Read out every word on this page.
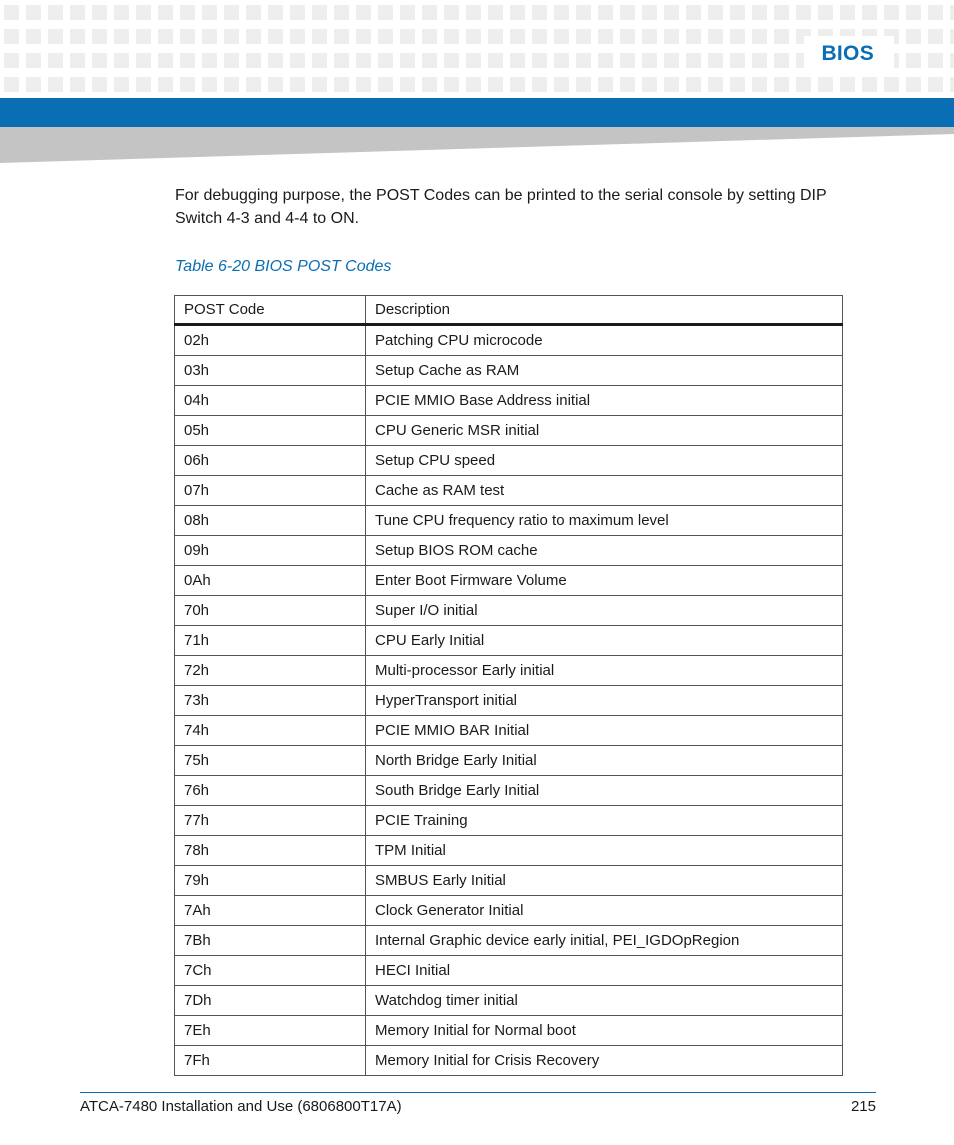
BIOS
For debugging purpose, the POST Codes can be printed to the serial console by setting DIP Switch 4-3 and 4-4 to ON.
Table 6-20 BIOS POST Codes
POST Code	Description
02h	Patching CPU microcode
03h	Setup Cache as RAM
04h	PCIE MMIO Base Address initial
05h	CPU Generic MSR initial
06h	Setup CPU speed
07h	Cache as RAM test
08h	Tune CPU frequency ratio to maximum level
09h	Setup BIOS ROM cache
0Ah	Enter Boot Firmware Volume
70h	Super I/O initial
71h	CPU Early Initial
72h	Multi-processor Early initial
73h	HyperTransport initial
74h	PCIE MMIO BAR Initial
75h	North Bridge Early Initial
76h	South Bridge Early Initial
77h	PCIE Training
78h	TPM Initial
79h	SMBUS Early Initial
7Ah	Clock Generator Initial
7Bh	Internal Graphic device early initial, PEI_IGDOpRegion
7Ch	HECI Initial
7Dh	Watchdog timer initial
7Eh	Memory Initial for Normal boot
7Fh	Memory Initial for Crisis Recovery
ATCA-7480 Installation and Use (6806800T17A)	215
